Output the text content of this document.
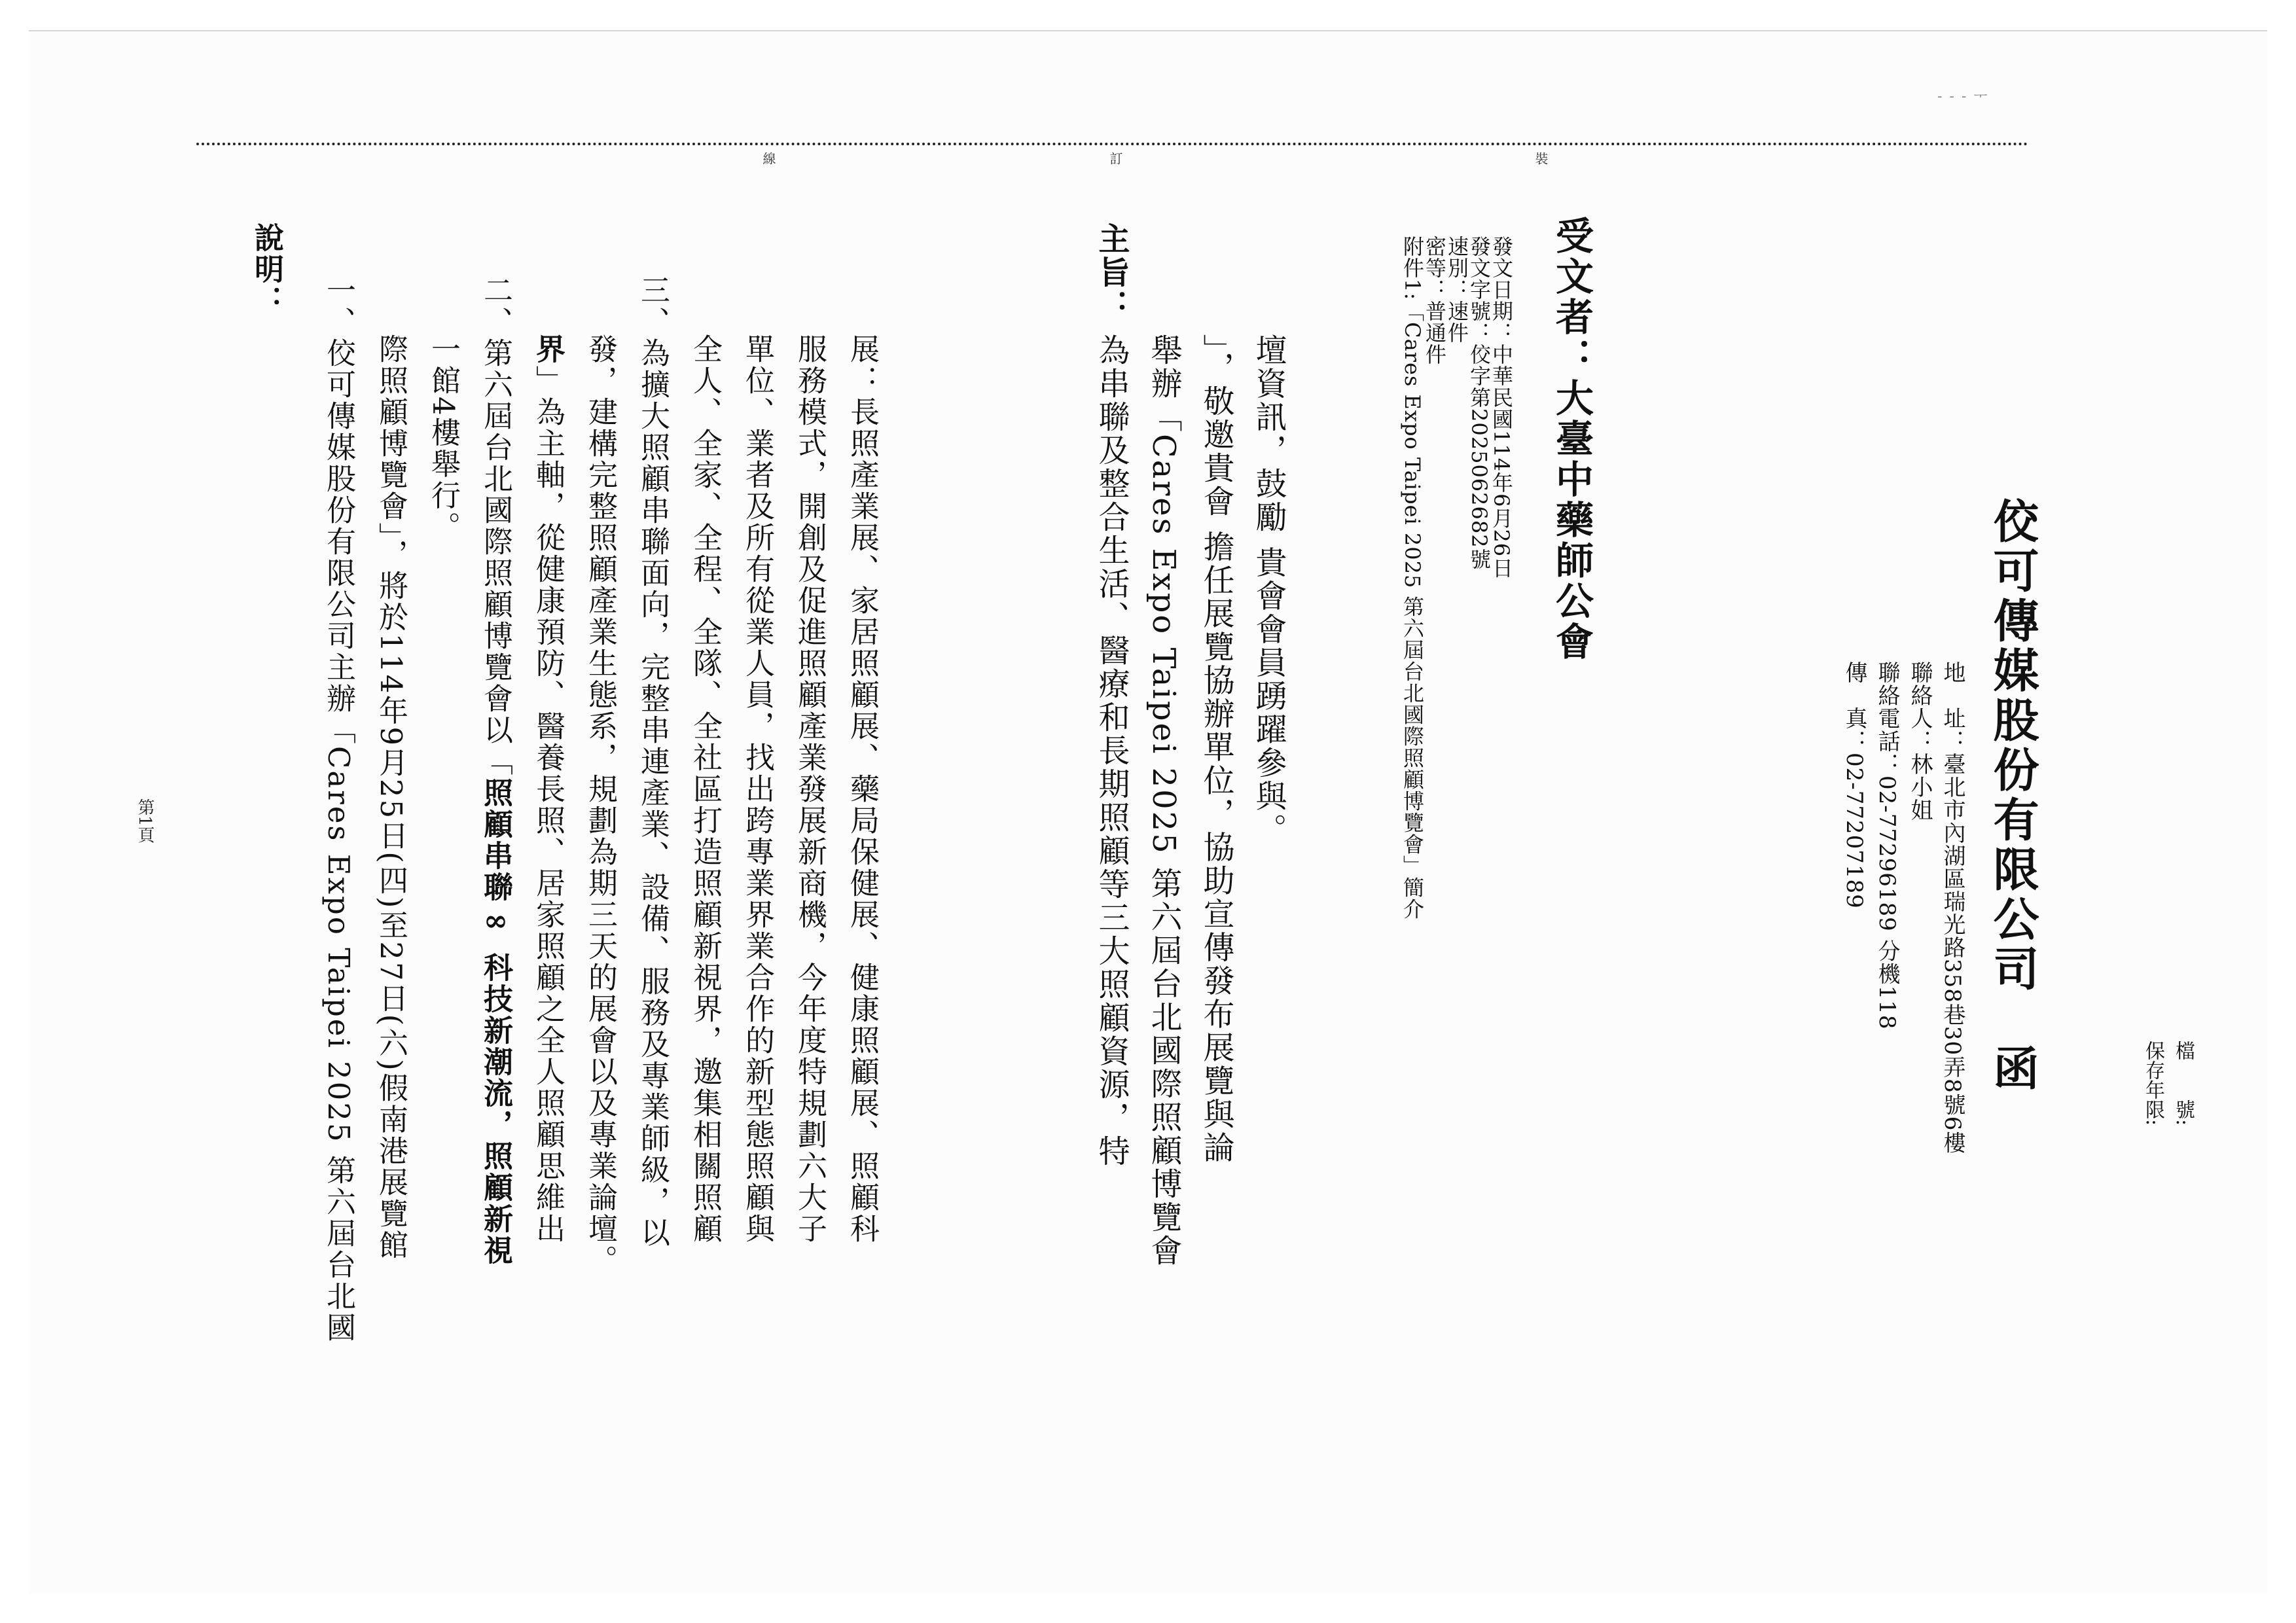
- - - ᅮ
裝
訂
線
檔　　號:
保存年限:
佼可傳媒股份有限公司　函
地　址：臺北市內湖區瑞光路358巷30弄8號6樓
聯絡人：林小姐
聯絡電話：02-77296189 分機118
傳　真：02-77207189
受文者：大臺中藥師公會
發文日期：中華民國114年6月26日
發文字號：佼字第2025062682號
速別：速件
密等：普通件
附件1:「Cares Expo Taipei 2025 第六屆台北國際照顧博覽會」簡介
主旨：
為串聯及整合生活、醫療和長期照顧等三大照顧資源，特 舉辦「Cares Expo Taipei 2025 第六屆台北國際照顧博覽會 」，敬邀貴會 擔任展覽協辦單位，協助宣傳發布展覽與論 壇資訊，鼓勵 貴會會員踴躍參與。
說明：
一、佼可傳媒股份有限公司主辦「Cares Expo Taipei 2025 第六屆台北國 際照顧博覽會」，將於114年9月25日(四)至27日(六)假南港展覽館 一館4樓舉行。 二、第六屆台北國際照顧博覽會以「照顧串聯∞ 科技新潮流，照顧新視
界」為主軸，從健康預防、醫養長照、居家照顧之全人照顧思維出 發，建構完整照顧產業生態系，規劃為期三天的展會以及專業論壇。 三、為擴大照顧串聯面向，完整串連產業、設備、服務及專業師級，以 全人、全家、全程、全隊、全社區打造照顧新視界，邀集相關照顧 單位、業者及所有從業人員，找出跨專業界業合作的新型態照顧與 服務模式，開創及促進照顧產業發展新商機，今年度特規劃六大子 展：長照產業展、家居照顧展、藥局保健展、健康照顧展、照顧科
第1頁
